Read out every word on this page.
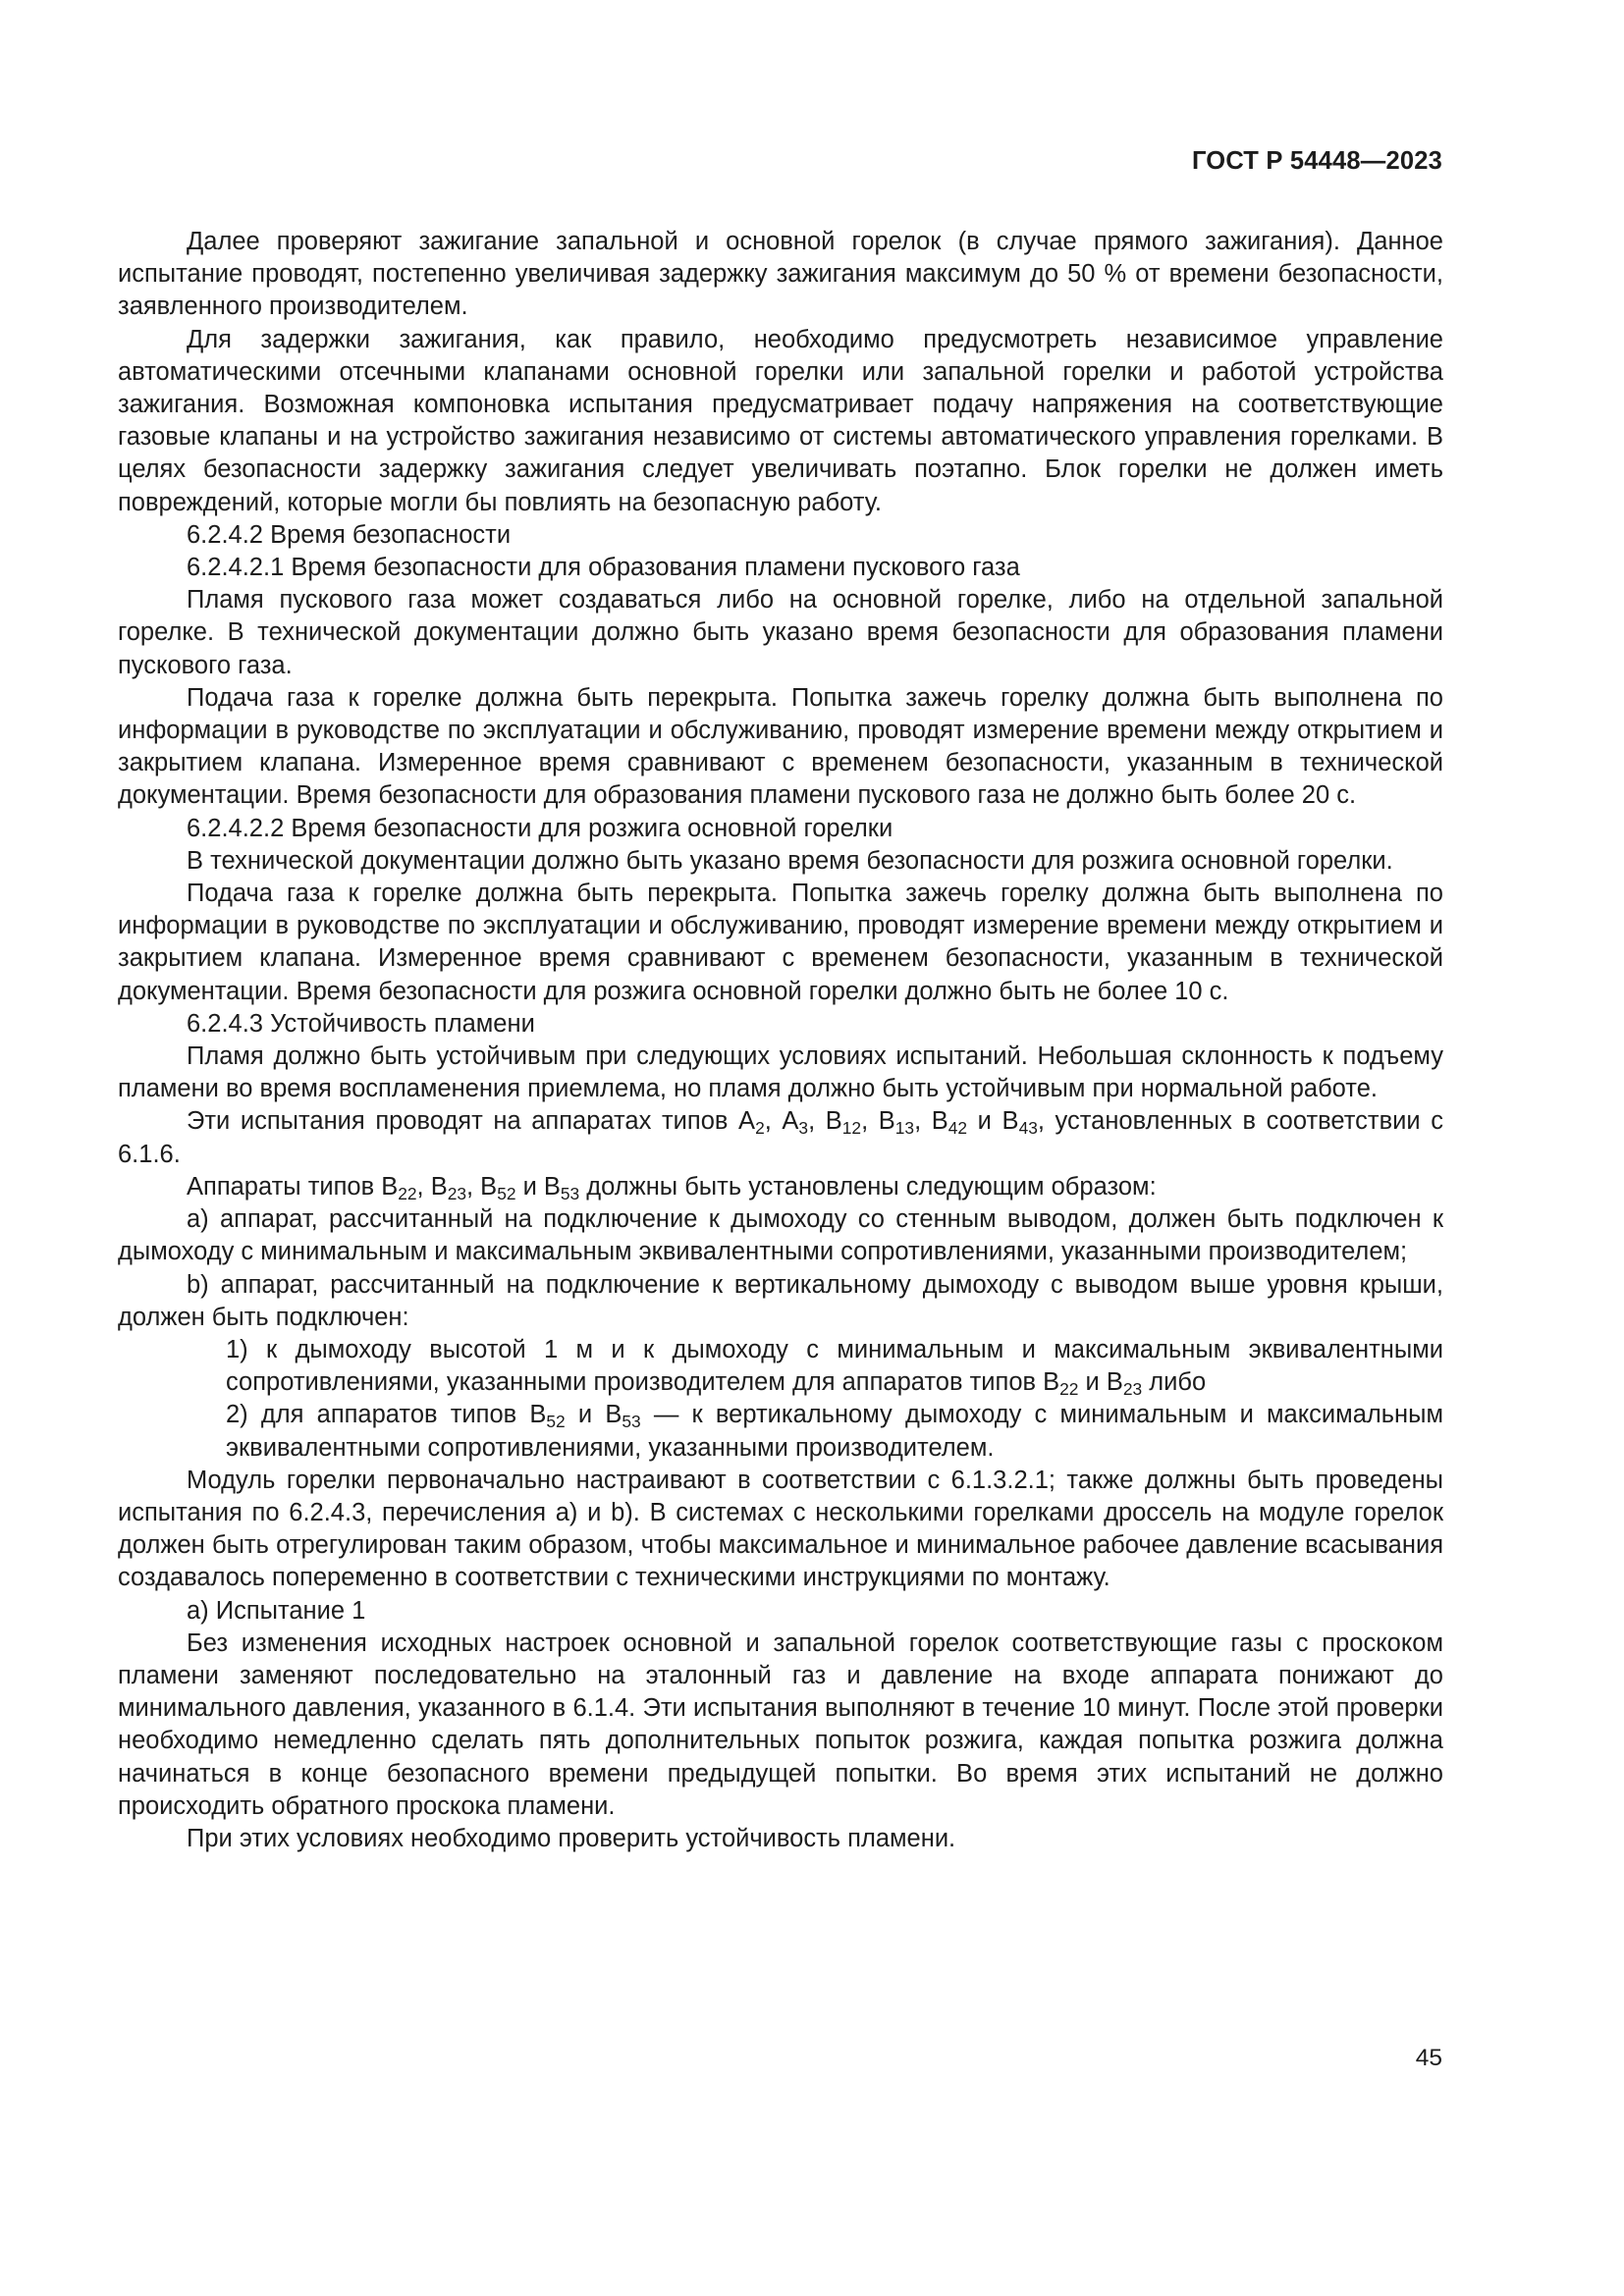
ГОСТ Р 54448—2023

Далее проверяют зажигание запальной и основной горелок (в случае прямого зажигания). Данное испытание проводят, постепенно увеличивая задержку зажигания максимум до 50 % от времени безопасности, заявленного производителем.

Для задержки зажигания, как правило, необходимо предусмотреть независимое управление автоматическими отсечными клапанами основной горелки или запальной горелки и работой устройства зажигания. Возможная компоновка испытания предусматривает подачу напряжения на соответствующие газовые клапаны и на устройство зажигания независимо от системы автоматического управления горелками. В целях безопасности задержку зажигания следует увеличивать поэтапно. Блок горелки не должен иметь повреждений, которые могли бы повлиять на безопасную работу.

6.2.4.2 Время безопасности

6.2.4.2.1 Время безопасности для образования пламени пускового газа

Пламя пускового газа может создаваться либо на основной горелке, либо на отдельной запальной горелке. В технической документации должно быть указано время безопасности для образования пламени пускового газа.

Подача газа к горелке должна быть перекрыта. Попытка зажечь горелку должна быть выполнена по информации в руководстве по эксплуатации и обслуживанию, проводят измерение времени между открытием и закрытием клапана. Измеренное время сравнивают с временем безопасности, указанным в технической документации. Время безопасности для образования пламени пускового газа не должно быть более 20 с.

6.2.4.2.2 Время безопасности для розжига основной горелки

В технической документации должно быть указано время безопасности для розжига основной горелки.

Подача газа к горелке должна быть перекрыта. Попытка зажечь горелку должна быть выполнена по информации в руководстве по эксплуатации и обслуживанию, проводят измерение времени между открытием и закрытием клапана. Измеренное время сравнивают с временем безопасности, указанным в технической документации. Время безопасности для розжига основной горелки должно быть не более 10 с.

6.2.4.3 Устойчивость пламени

Пламя должно быть устойчивым при следующих условиях испытаний. Небольшая склонность к подъему пламени во время воспламенения приемлема, но пламя должно быть устойчивым при нормальной работе.

Эти испытания проводят на аппаратах типов $А_2$, $А_3$, $В_{12}$, $В_{13}$, $В_{42}$ и $В_{43}$, установленных в соответствии с 6.1.6.

Аппараты типов $В_{22}$, $В_{23}$, $В_{52}$ и $В_{53}$ должны быть установлены следующим образом:

a) аппарат, рассчитанный на подключение к дымоходу со стенным выводом, должен быть подключен к дымоходу с минимальным и максимальным эквивалентными сопротивлениями, указанными производителем;

b) аппарат, рассчитанный на подключение к вертикальному дымоходу с выводом выше уровня крыши, должен быть подключен:

1) к дымоходу высотой 1 м и к дымоходу с минимальным и максимальным эквивалентными сопротивлениями, указанными производителем для аппаратов типов $В_{22}$ и $В_{23}$ либо

2) для аппаратов типов $В_{52}$ и $В_{53}$ — к вертикальному дымоходу с минимальным и максимальным эквивалентными сопротивлениями, указанными производителем.

Модуль горелки первоначально настраивают в соответствии с 6.1.3.2.1; также должны быть проведены испытания по 6.2.4.3, перечисления а) и b). В системах с несколькими горелками дроссель на модуле горелок должен быть отрегулирован таким образом, чтобы максимальное и минимальное рабочее давление всасывания создавалось попеременно в соответствии с техническими инструкциями по монтажу.

а) Испытание 1

Без изменения исходных настроек основной и запальной горелок соответствующие газы с проскоком пламени заменяют последовательно на эталонный газ и давление на входе аппарата понижают до минимального давления, указанного в 6.1.4. Эти испытания выполняют в течение 10 минут. После этой проверки необходимо немедленно сделать пять дополнительных попыток розжига, каждая попытка розжига должна начинаться в конце безопасного времени предыдущей попытки. Во время этих испытаний не должно происходить обратного проскока пламени.

При этих условиях необходимо проверить устойчивость пламени.

45
